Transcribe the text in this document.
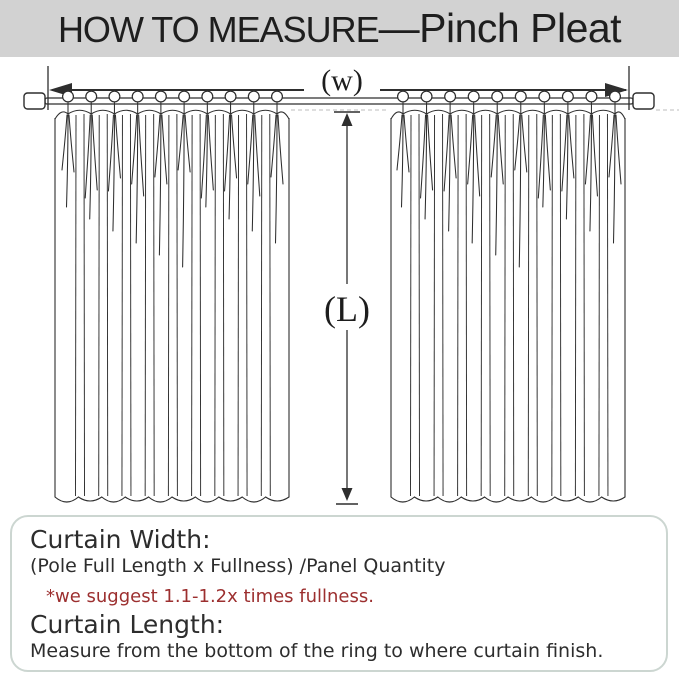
HOW TO MEASURE—Pinch Pleat
(w)
(L)
Curtain Width:
(Pole Full Length x Fullness) /Panel Quantity
*we suggest 1.1-1.2x times fullness.
Curtain Length:
Measure from the bottom of the ring to where curtain finish.
